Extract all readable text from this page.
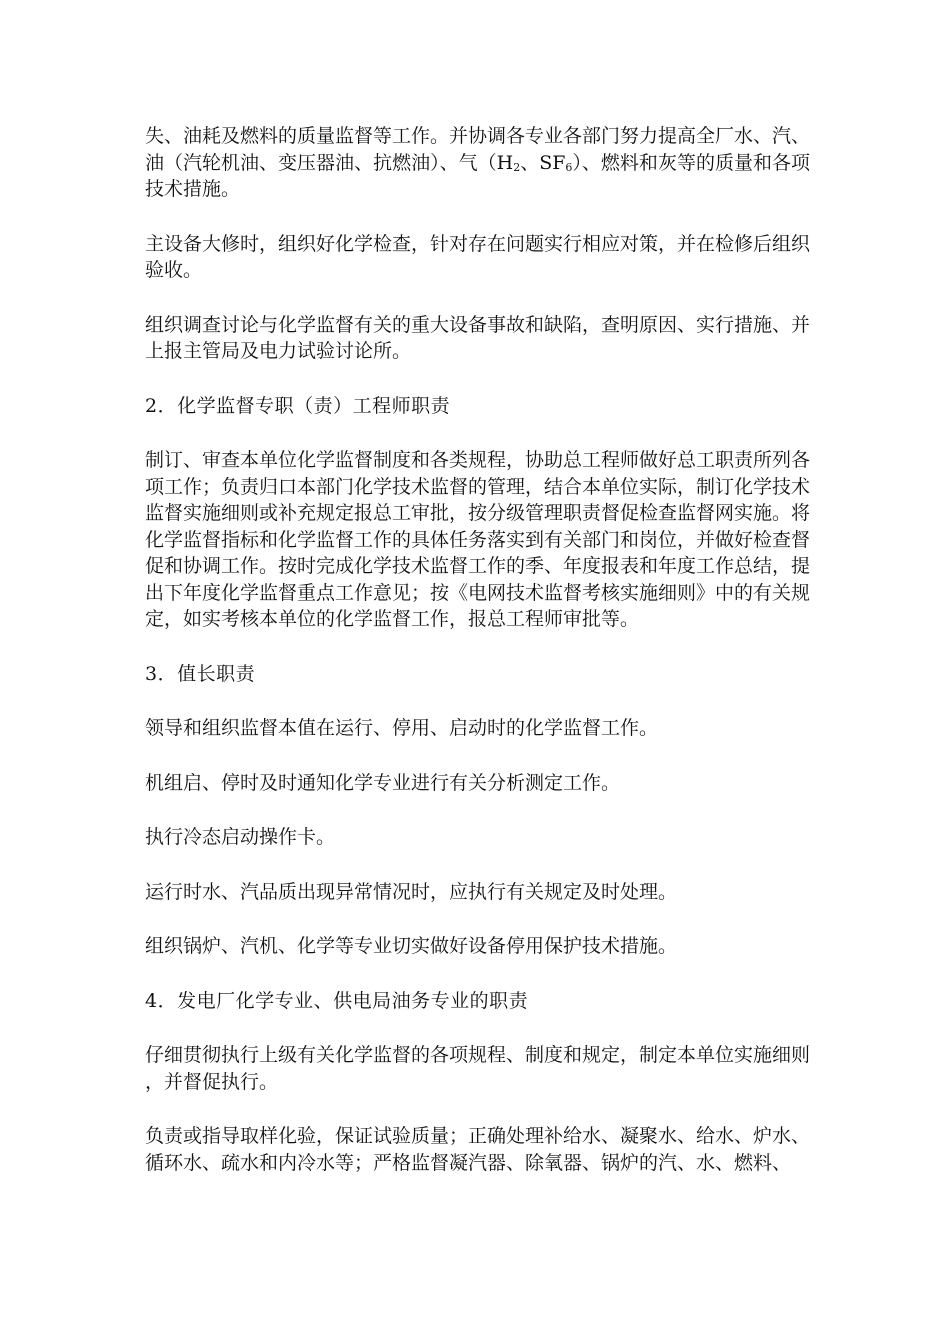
失、油耗及燃料的质量监督等工作。并协调各专业各部门努力提高全厂水、汽、油（汽轮机油、变压器油、抗燃油）、气（$H_2$、$SF_6$）、燃料和灰等的质量和各项技术措施。

主设备大修时，组织好化学检查，针对存在问题实行相应对策，并在检修后组织验收。

组织调查讨论与化学监督有关的重大设备事故和缺陷，查明原因、实行措施、并上报主管局及电力试验讨论所。

2．化学监督专职（责）工程师职责

制订、审查本单位化学监督制度和各类规程，协助总工程师做好总工职责所列各项工作；负责归口本部门化学技术监督的管理，结合本单位实际，制订化学技术监督实施细则或补充规定报总工审批，按分级管理职责督促检查监督网实施。将化学监督指标和化学监督工作的具体任务落实到有关部门和岗位，并做好检查督促和协调工作。按时完成化学技术监督工作的季、年度报表和年度工作总结，提出下年度化学监督重点工作意见；按《电网技术监督考核实施细则》中的有关规定，如实考核本单位的化学监督工作，报总工程师审批等。

3．值长职责

领导和组织监督本值在运行、停用、启动时的化学监督工作。

机组启、停时及时通知化学专业进行有关分析测定工作。

执行冷态启动操作卡。

运行时水、汽品质出现异常情况时，应执行有关规定及时处理。

组织锅炉、汽机、化学等专业切实做好设备停用保护技术措施。

4．发电厂化学专业、供电局油务专业的职责

仔细贯彻执行上级有关化学监督的各项规程、制度和规定，制定本单位实施细则，并督促执行。

负责或指导取样化验，保证试验质量；正确处理补给水、凝聚水、给水、炉水、循环水、疏水和内冷水等；严格监督凝汽器、除氧器、锅炉的汽、水、燃料、
